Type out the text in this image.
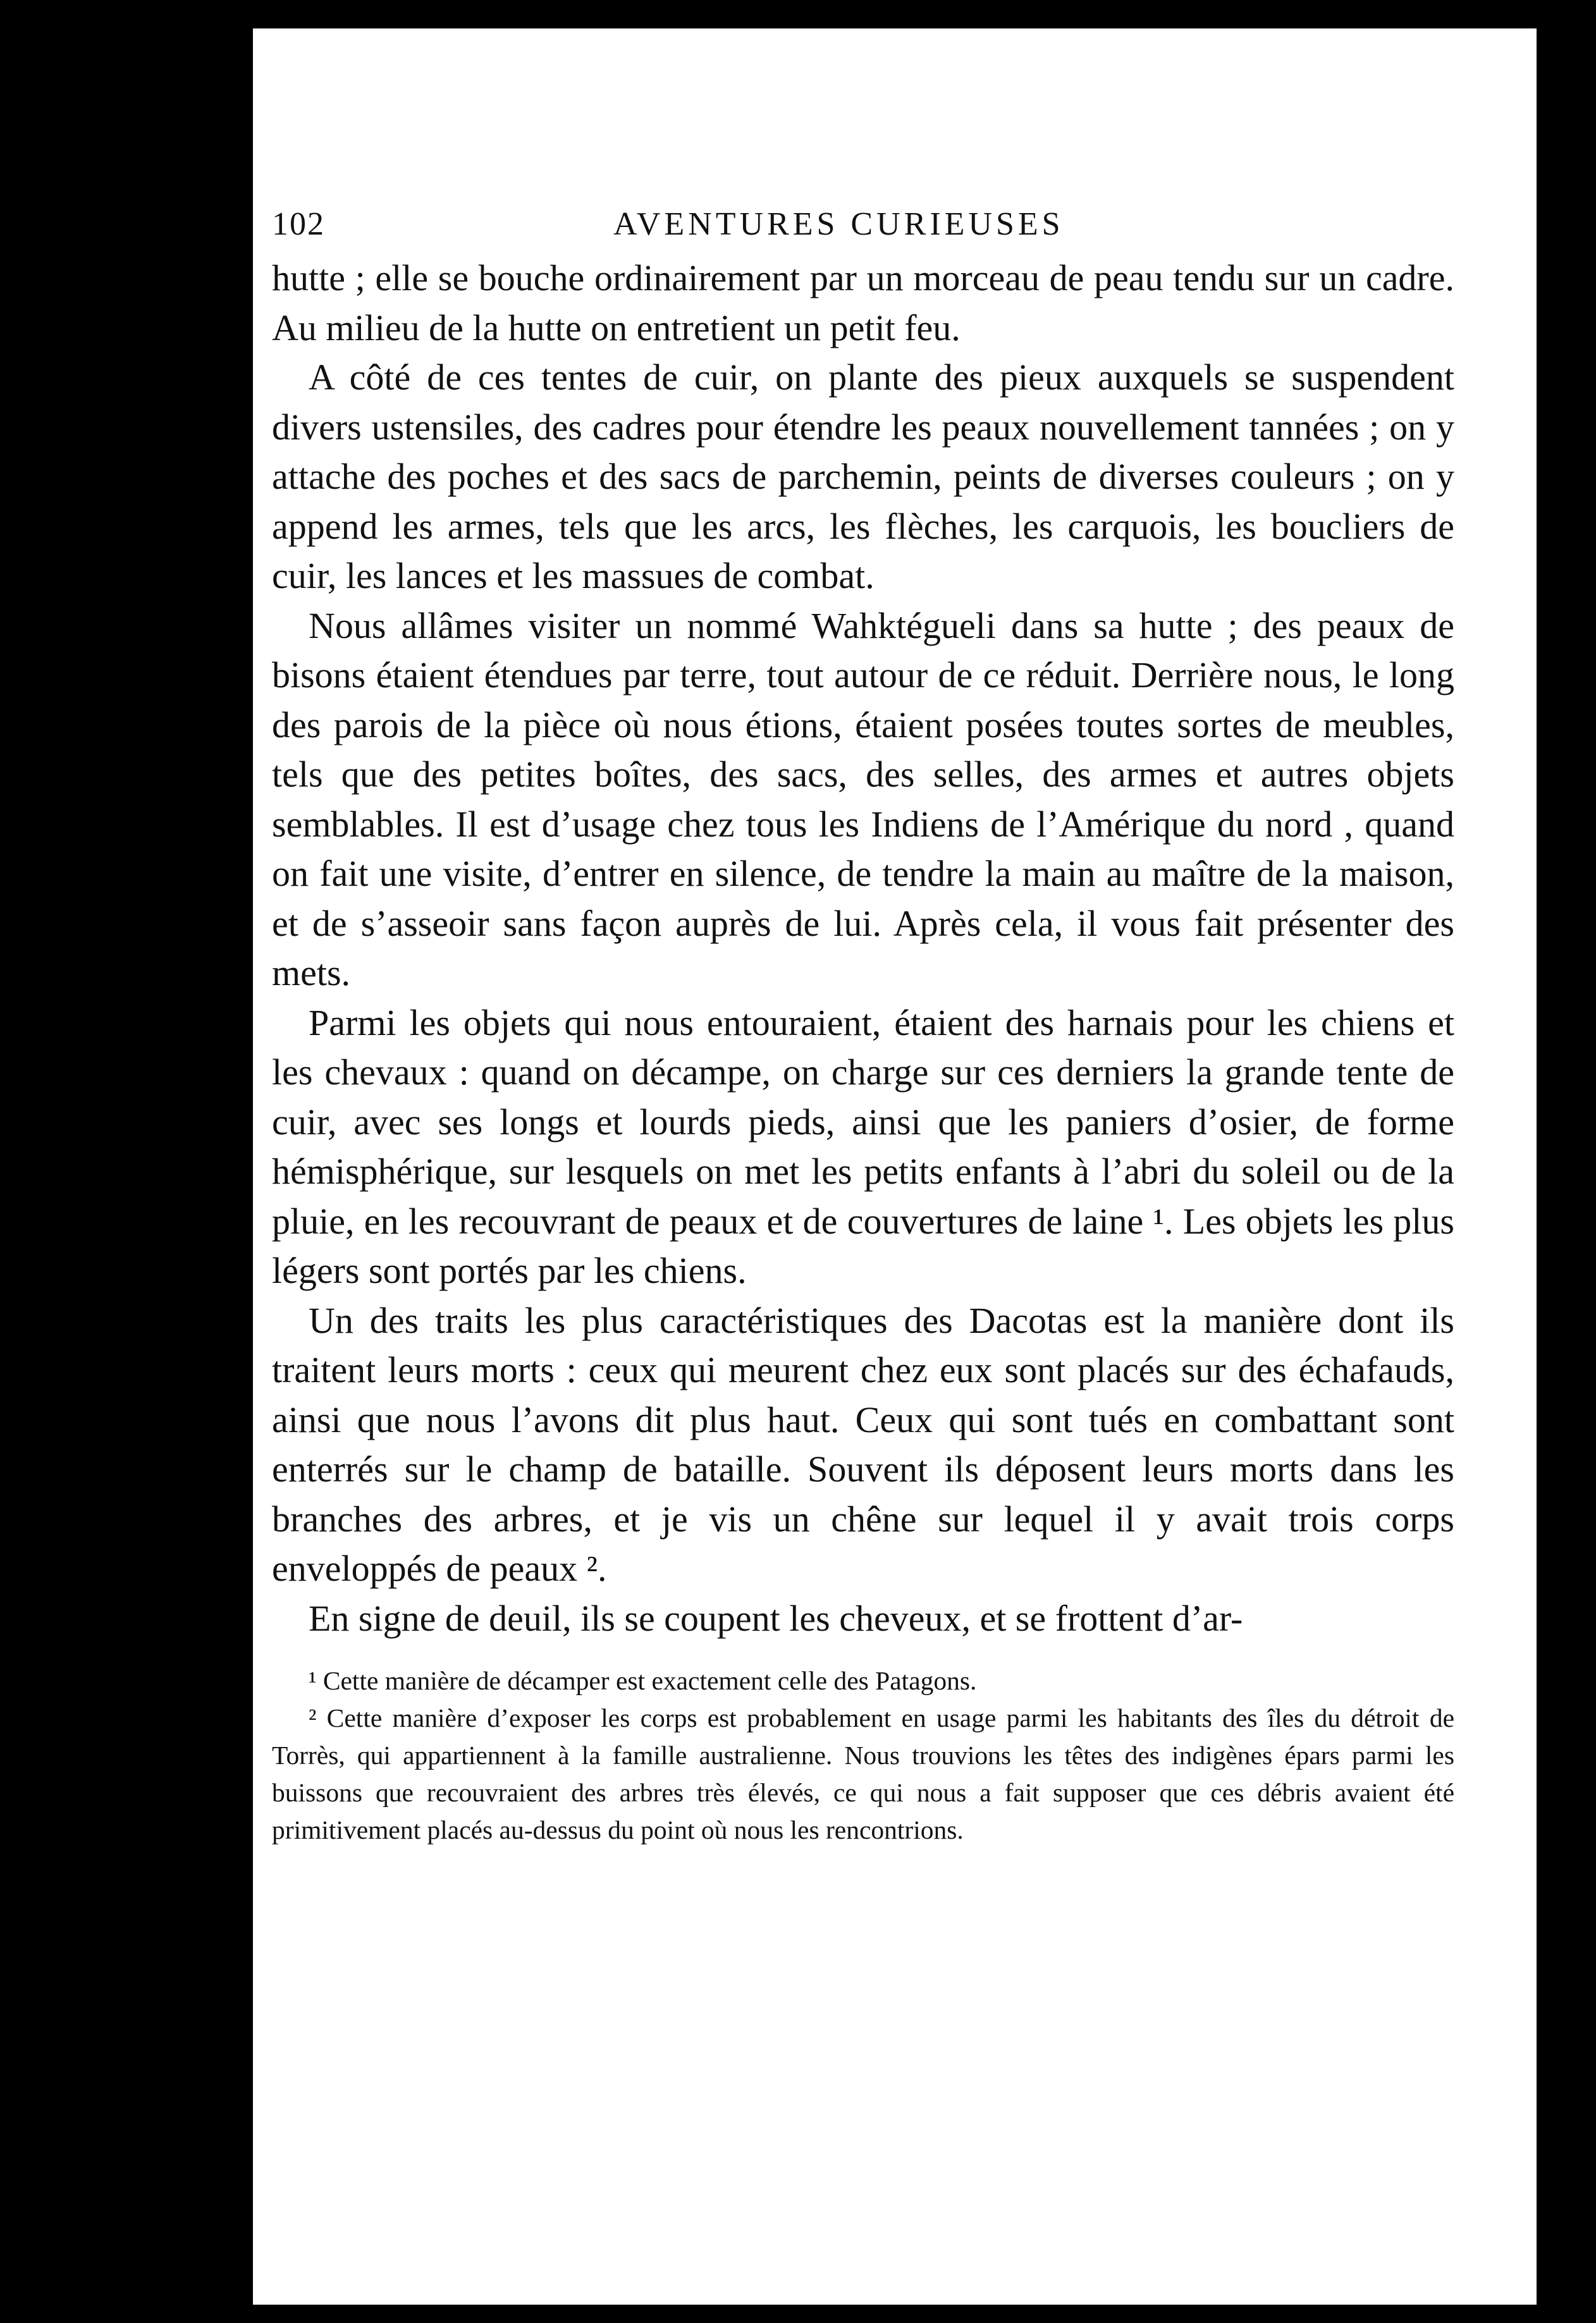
102	AVENTURES CURIEUSES

hutte ; elle se bouche ordinairement par un morceau de peau tendu sur un cadre. Au milieu de la hutte on entretient un petit feu.

A côté de ces tentes de cuir, on plante des pieux auxquels se suspendent divers ustensiles, des cadres pour étendre les peaux nouvellement tannées ; on y attache des poches et des sacs de parchemin, peints de diverses couleurs ; on y append les armes, tels que les arcs, les flèches, les carquois, les boucliers de cuir, les lances et les massues de combat.

Nous allâmes visiter un nommé Wahktégueli dans sa hutte ; des peaux de bisons étaient étendues par terre, tout autour de ce réduit. Derrière nous, le long des parois de la pièce où nous étions, étaient posées toutes sortes de meubles, tels que des petites boîtes, des sacs, des selles, des armes et autres objets semblables. Il est d’usage chez tous les Indiens de l’Amérique du nord , quand on fait une visite, d’entrer en silence, de tendre la main au maître de la maison, et de s’asseoir sans façon auprès de lui. Après cela, il vous fait présenter des mets.

Parmi les objets qui nous entouraient, étaient des harnais pour les chiens et les chevaux : quand on décampe, on charge sur ces derniers la grande tente de cuir, avec ses longs et lourds pieds, ainsi que les paniers d’osier, de forme hémisphérique, sur lesquels on met les petits enfants à l’abri du soleil ou de la pluie, en les recouvrant de peaux et de couvertures de laine ¹. Les objets les plus légers sont portés par les chiens.

Un des traits les plus caractéristiques des Dacotas est la manière dont ils traitent leurs morts : ceux qui meurent chez eux sont placés sur des échafauds, ainsi que nous l’avons dit plus haut. Ceux qui sont tués en combattant sont enterrés sur le champ de bataille. Souvent ils déposent leurs morts dans les branches des arbres, et je vis un chêne sur lequel il y avait trois corps enveloppés de peaux ².

En signe de deuil, ils se coupent les cheveux, et se frottent d’ar-

¹ Cette manière de décamper est exactement celle des Patagons.

² Cette manière d’exposer les corps est probablement en usage parmi les habitants des îles du détroit de Torrès, qui appartiennent à la famille australienne. Nous trouvions les têtes des indigènes épars parmi les buissons que recouvraient des arbres très élevés, ce qui nous a fait supposer que ces débris avaient été primitivement placés au-dessus du point où nous les rencontrions.
